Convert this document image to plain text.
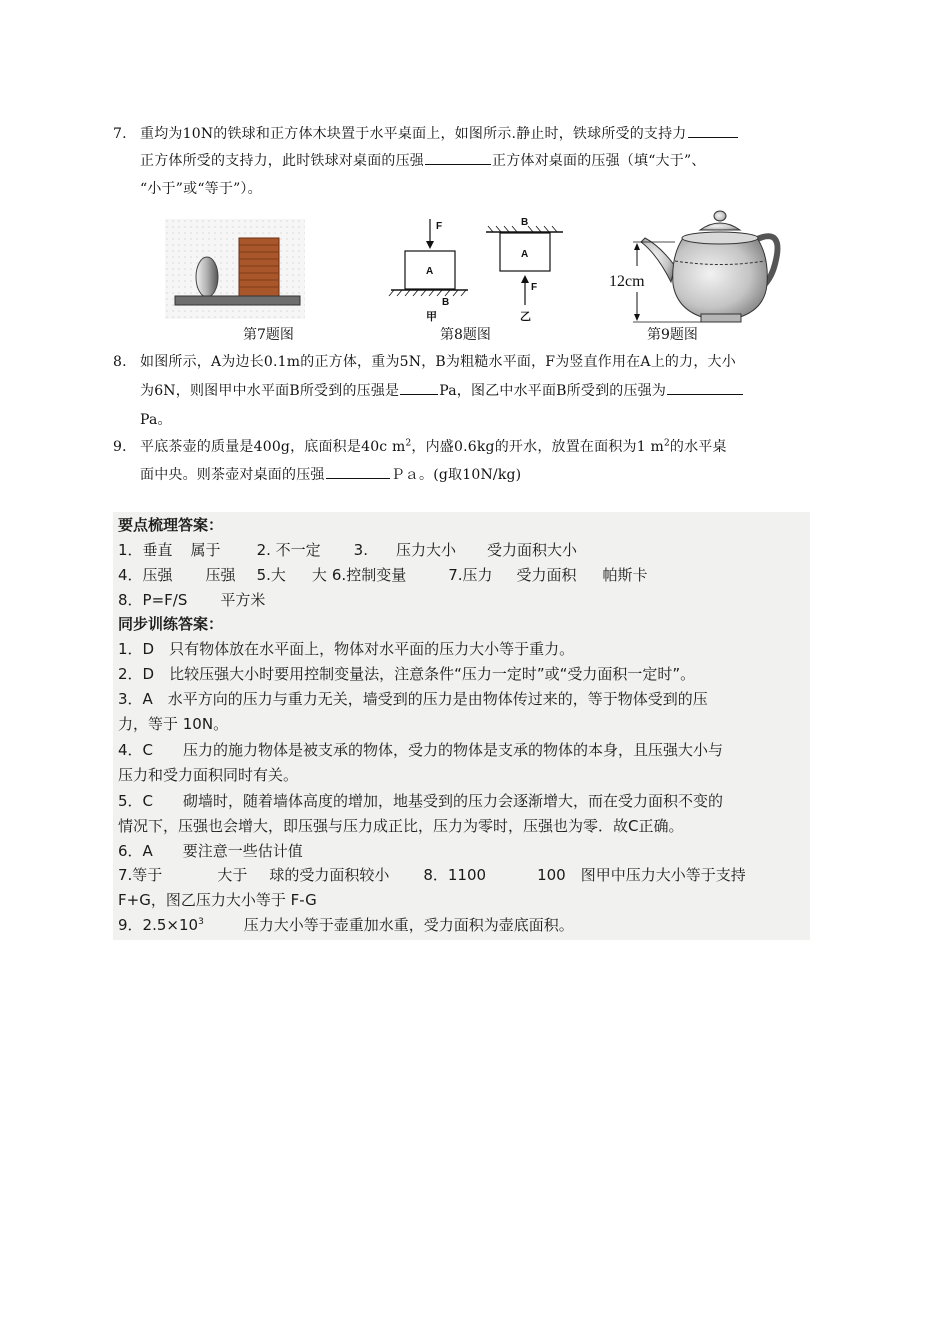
7. 重均为10N的铁球和正方体木块置于水平桌面上，如图所示.静止时，铁球所受的支持力
正方体所受的支持力，此时铁球对桌面的压强	正方体对桌面的压强（填“大于”、
“小于”或“等于”）。
第7题图
F
A
B
甲
B
A
F
乙
第8题图
12cm
第9题图
8. 如图所示，A为边长0.1m的正方体，重为5N，B为粗糙水平面，F为竖直作用在A上的力，大小
为6N，则图甲中水平面B所受到的压强是	Pa，图乙中水平面B所受到的压强为
Pa。
9． 平底茶壶的质量是400g，底面积是40c $m^2$，内盛0.6kg的开水，放置在面积为1 $m^2$的水平桌
面中央。则茶壶对桌面的压强	Ｐａ。(g取10N/kg)
要点梳理答案：
1．垂直 属于 2. 不一定 3. 压力大小 受力面积大小
4．压强 压强 5.大 大 6.控制变量	7.压力 受力面积 帕斯卡
8．P=F/S 平方米
同步训练答案：
1．D　只有物体放在水平面上，物体对水平面的压力大小等于重力。
2．D　比较压强大小时要用控制变量法，注意条件“压力一定时”或“受力面积一定时”。
3．A　水平方向的压力与重力无关，墙受到的压力是由物体传过来的，等于物体受到的压
力，等于 10N。
4．C　　压力的施力物体是被支承的物体，受力的物体是支承的物体的本身，且压强大小与
压力和受力面积同时有关。
5．C　　砌墙时，随着墙体高度的增加，地基受到的压力会逐渐增大，而在受力面积不变的
情况下，压强也会增大，即压强与压力成正比，压力为零时，压强也为零．故C正确。
6．A　　要注意一些估计值
7.等于	大于 球的受力面积较小 8．1100	100 图甲中压力大小等于支持
F+G，图乙压力大小等于 F-G
9．$2.5\times 10^3$	压力大小等于壶重加水重，受力面积为壶底面积。
